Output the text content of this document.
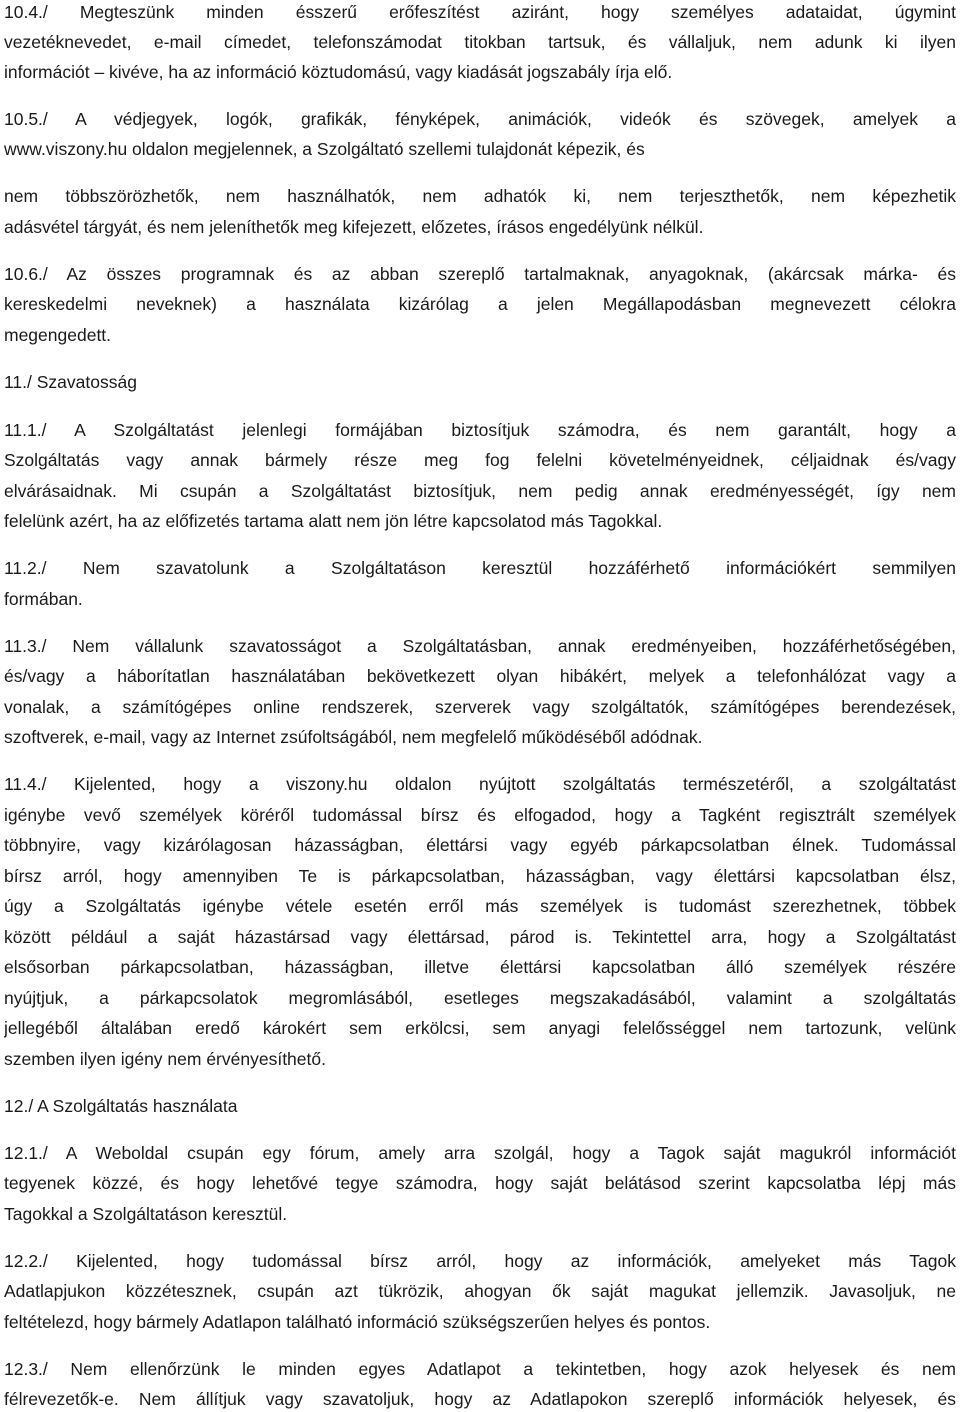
10.4./ Megteszünk minden ésszerű erőfeszítést aziránt, hogy személyes adataidat, úgymint
vezetéknevedet, e-mail címedet, telefonszámodat titokban tartsuk, és vállaljuk, nem adunk ki ilyen
információt – kivéve, ha az információ köztudomású, vagy kiadását jogszabály írja elő.
10.5./ A védjegyek, logók, grafikák, fényképek, animációk, videók és szövegek, amelyek a
www.viszony.hu oldalon megjelennek, a Szolgáltató szellemi tulajdonát képezik, és
nem többszörözhetők, nem használhatók, nem adhatók ki, nem terjeszthetők, nem képezhetik
adásvétel tárgyát, és nem jeleníthetők meg kifejezett, előzetes, írásos engedélyünk nélkül.
10.6./ Az összes programnak és az abban szereplő tartalmaknak, anyagoknak, (akárcsak márka- és
kereskedelmi neveknek) a használata kizárólag a jelen Megállapodásban megnevezett célokra
megengedett.
11./ Szavatosság
11.1./ A Szolgáltatást jelenlegi formájában biztosítjuk számodra, és nem garantált, hogy a
Szolgáltatás vagy annak bármely része meg fog felelni követelményeidnek, céljaidnak és/vagy
elvárásaidnak. Mi csupán a Szolgáltatást biztosítjuk, nem pedig annak eredményességét, így nem
felelünk azért, ha az előfizetés tartama alatt nem jön létre kapcsolatod más Tagokkal.
11.2./ Nem szavatolunk a Szolgáltatáson keresztül hozzáférhető információkért semmilyen
formában.
11.3./ Nem vállalunk szavatosságot a Szolgáltatásban, annak eredményeiben, hozzáférhetőségében,
és/vagy a háborítatlan használatában bekövetkezett olyan hibákért, melyek a telefonhálózat vagy a
vonalak, a számítógépes online rendszerek, szerverek vagy szolgáltatók, számítógépes berendezések,
szoftverek, e-mail, vagy az Internet zsúfoltságából, nem megfelelő működéséből adódnak.
11.4./ Kijelented, hogy a viszony.hu oldalon nyújtott szolgáltatás természetéről, a szolgáltatást
igénybe vevő személyek köréről tudomással bírsz és elfogadod, hogy a Tagként regisztrált személyek
többnyire, vagy kizárólagosan házasságban, élettársi vagy egyéb párkapcsolatban élnek. Tudomással
bírsz arról, hogy amennyiben Te is párkapcsolatban, házasságban, vagy élettársi kapcsolatban élsz,
úgy a Szolgáltatás igénybe vétele esetén erről más személyek is tudomást szerezhetnek, többek
között például a saját házastársad vagy élettársad, párod is. Tekintettel arra, hogy a Szolgáltatást
elsősorban párkapcsolatban, házasságban, illetve élettársi kapcsolatban álló személyek részére
nyújtjuk, a párkapcsolatok megromlásából, esetleges megszakadásából, valamint a szolgáltatás
jellegéből általában eredő károkért sem erkölcsi, sem anyagi felelősséggel nem tartozunk, velünk
szemben ilyen igény nem érvényesíthető.
12./ A Szolgáltatás használata
12.1./ A Weboldal csupán egy fórum, amely arra szolgál, hogy a Tagok saját magukról információt
tegyenek közzé, és hogy lehetővé tegye számodra, hogy saját belátásod szerint kapcsolatba lépj más
Tagokkal a Szolgáltatáson keresztül.
12.2./ Kijelented, hogy tudomással bírsz arról, hogy az információk, amelyeket más Tagok
Adatlapjukon közzétesznek, csupán azt tükrözik, ahogyan ők saját magukat jellemzik. Javasoljuk, ne
feltételezd, hogy bármely Adatlapon található információ szükségszerűen helyes és pontos.
12.3./ Nem ellenőrzünk le minden egyes Adatlapot a tekintetben, hogy azok helyesek és nem
félrevezetők-e. Nem állítjuk vagy szavatoljuk, hogy az Adatlapokon szereplő információk helyesek, és
